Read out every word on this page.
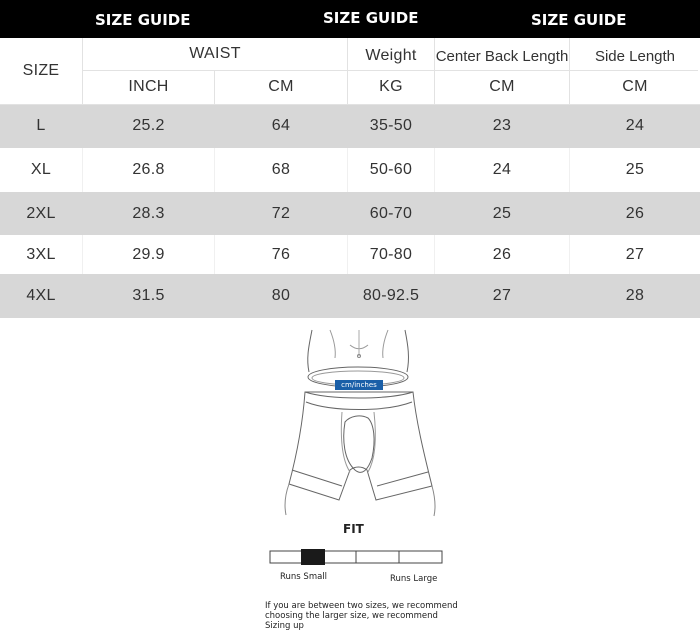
SIZE GUIDE	SIZE GUIDE	SIZE GUIDE
SIZE
WAIST	Weight	Center Back Length	Side Length
INCH	CM	KG	CM	CM
L	25.2	64	35-50	23	24
XL	26.8	68	50-60	24	25
2XL	28.3	72	60-70	25	26
3XL	29.9	76	70-80	26	27
4XL	31.5	80	80-92.5	27	28
cm/inches
FIT
Runs Small	Runs Large
If you are between two sizes, we recommend choosing the larger size, we recommend Sizing up
